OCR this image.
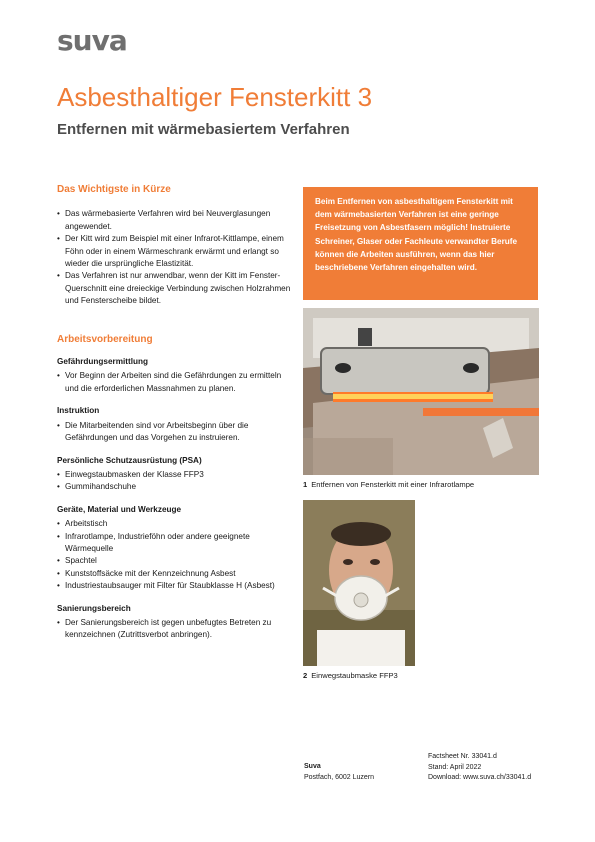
suva
Asbesthaltiger Fensterkitt 3
Entfernen mit wärmebasiertem Verfahren
Das Wichtigste in Kürze
• Das wärmebasierte Verfahren wird bei Neuverglasungen angewendet.
• Der Kitt wird zum Beispiel mit einer Infrarot-Kittlampe, einem Föhn oder in einem Wärmeschrank erwärmt und erlangt so wieder die ursprüngliche Elastizität.
• Das Verfahren ist nur anwendbar, wenn der Kitt im Fenster-Querschnitt eine dreieckige Verbindung zwischen Holzrahmen und Fensterscheibe bildet.
Arbeitsvorbereitung
Gefährdungsermittlung
• Vor Beginn der Arbeiten sind die Gefährdungen zu ermitteln und die erforderlichen Massnahmen zu planen.
Instruktion
• Die Mitarbeitenden sind vor Arbeitsbeginn über die Gefährdungen und das Vorgehen zu instruieren.
Persönliche Schutzausrüstung (PSA)
• Einwegstaubmasken der Klasse FFP3
• Gummihandschuhe
Geräte, Material und Werkzeuge
• Arbeitstisch
• Infrarotlampe, Industrieföhn oder andere geeignete Wärmequelle
• Spachtel
• Kunststoffsäcke mit der Kennzeichnung Asbest
• Industriestaubsauger mit Filter für Staubklasse H (Asbest)
Sanierungsbereich
• Der Sanierungsbereich ist gegen unbefugtes Betreten zu kennzeichnen (Zutrittsverbot anbringen).
Beim Entfernen von asbesthaltigem Fensterkitt mit dem wärmebasierten Verfahren ist eine geringe Freisetzung von Asbestfasern möglich! Instruierte Schreiner, Glaser oder Fachleute verwandter Berufe können die Arbeiten ausführen, wenn das hier beschriebene Verfahren eingehalten wird.
1 Entfernen von Fensterkitt mit einer Infrarotlampe
2 Einwegstaubmaske FFP3
Suva
Postfach, 6002 Luzern
Factsheet Nr. 33041.d
Stand: April 2022
Download: www.suva.ch/33041.d
